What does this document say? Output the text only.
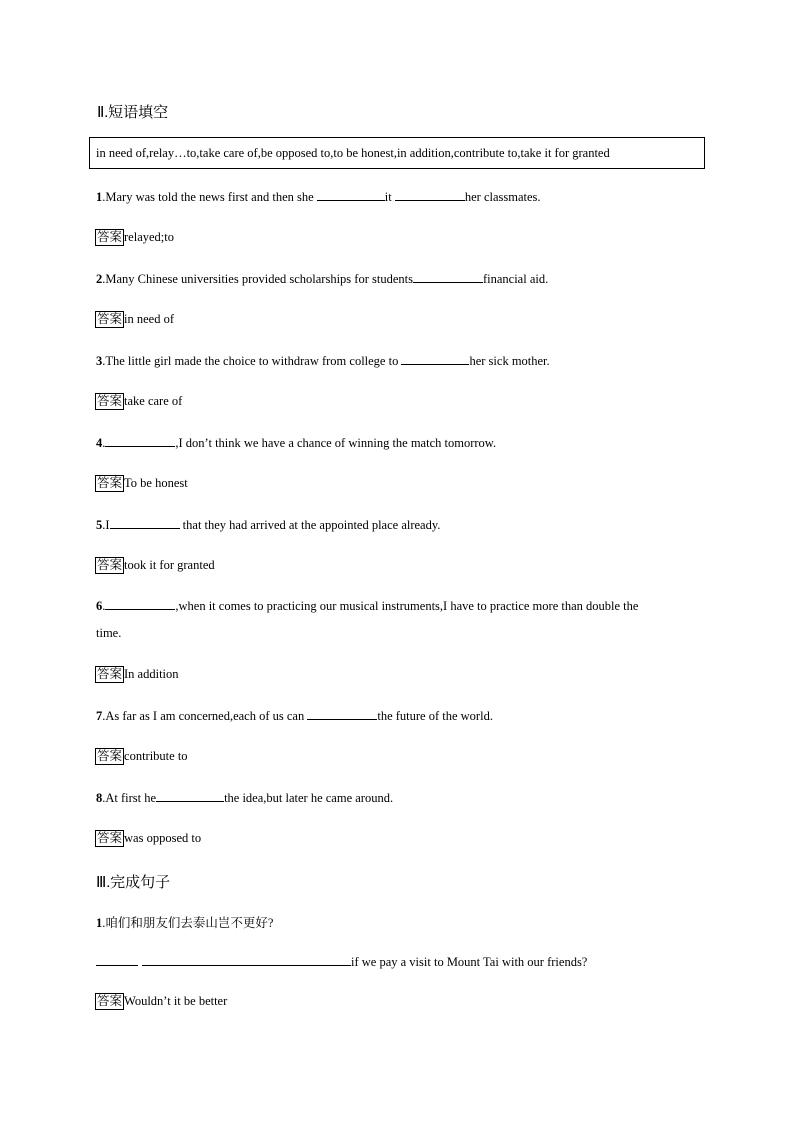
Ⅱ.短语填空
in need of,relay…to,take care of,be opposed to,to be honest,in addition,contribute to,take it for granted
1.Mary was told the news first and then she	it	her classmates.
答案 relayed;to
2.Many Chinese universities provided scholarships for students	financial aid.
答案 in need of
3.The little girl made the choice to withdraw from college to	her sick mother.
答案 take care of
4.	,I don’t think we have a chance of winning the match tomorrow.
答案 To be honest
5.I	that they had arrived at the appointed place already.
答案 took it for granted
6.	,when it comes to practicing our musical instruments,I have to practice more than double the
time.
答案 In addition
7.As far as I am concerned,each of us can	the future of the world.
答案 contribute to
8.At first he	the idea,but later he came around.
答案 was opposed to
Ⅲ.完成句子
1.咱们和朋友们去泰山岂不更好?
if we pay a visit to Mount Tai with our friends?
答案 Wouldn’t it be better
